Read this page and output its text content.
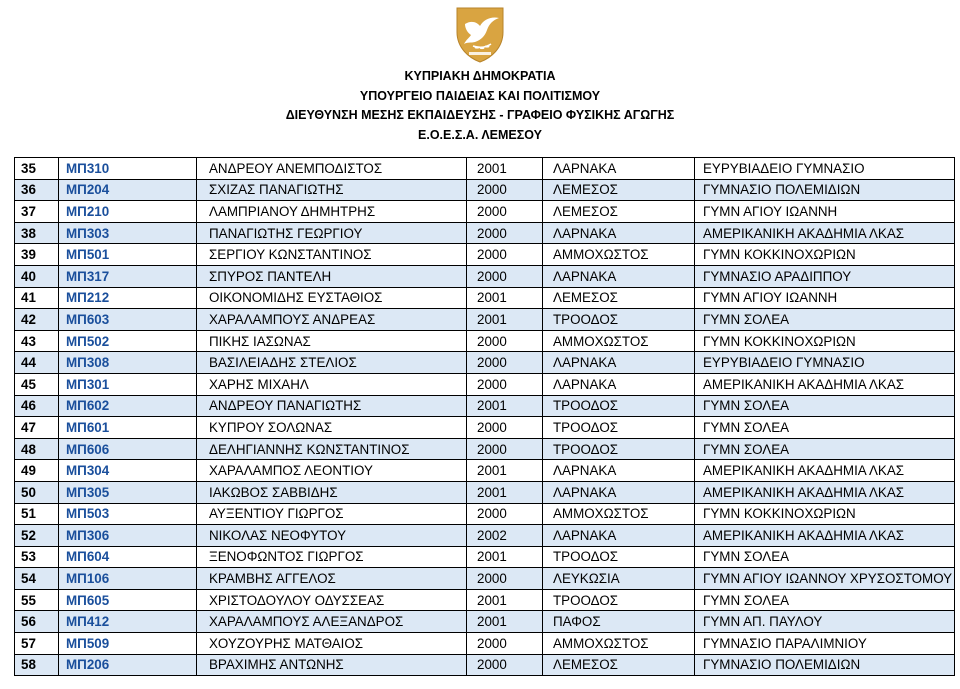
ΚΥΠΡΙΑΚΗ ΔΗΜΟΚΡΑΤΙΑ
ΥΠΟΥΡΓΕΙΟ ΠΑΙΔΕΙΑΣ ΚΑΙ ΠΟΛΙΤΙΣΜΟΥ
ΔΙΕΥΘΥΝΣΗ ΜΕΣΗΣ ΕΚΠΑΙΔΕΥΣΗΣ - ΓΡΑΦΕΙΟ ΦΥΣΙΚΗΣ ΑΓΩΓΗΣ
Ε.Ο.Ε.Σ.Α. ΛΕΜΕΣΟΥ
35	ΜΠ310	ΑΝΔΡΕΟΥ ΑΝΕΜΠΟΔΙΣΤΟΣ	2001	ΛΑΡΝΑΚΑ	ΕΥΡΥΒΙΑΔΕΙΟ ΓΥΜΝΑΣΙΟ
36	ΜΠ204	ΣΧΙΖΑΣ ΠΑΝΑΓΙΩΤΗΣ	2000	ΛΕΜΕΣΟΣ	ΓΥΜΝΑΣΙΟ ΠΟΛΕΜΙΔΙΩΝ
37	ΜΠ210	ΛΑΜΠΡΙΑΝΟΥ ΔΗΜΗΤΡΗΣ	2000	ΛΕΜΕΣΟΣ	ΓΥΜΝ ΑΓΙΟΥ ΙΩΑΝΝΗ
38	ΜΠ303	ΠΑΝΑΓΙΩΤΗΣ ΓΕΩΡΓΙΟΥ	2000	ΛΑΡΝΑΚΑ	ΑΜΕΡΙΚΑΝΙΚΗ ΑΚΑΔΗΜΙΑ ΛΚΑΣ
39	ΜΠ501	ΣΕΡΓΙΟΥ ΚΩΝΣΤΑΝΤΙΝΟΣ	2000	ΑΜΜΟΧΩΣΤΟΣ	ΓΥΜΝ ΚΟΚΚΙΝΟΧΩΡΙΩΝ
40	ΜΠ317	ΣΠΥΡΟΣ ΠΑΝΤΕΛΗ	2000	ΛΑΡΝΑΚΑ	ΓΥΜΝΑΣΙΟ ΑΡΑΔΙΠΠΟΥ
41	ΜΠ212	ΟΙΚΟΝΟΜΙΔΗΣ ΕΥΣΤΑΘΙΟΣ	2001	ΛΕΜΕΣΟΣ	ΓΥΜΝ ΑΓΙΟΥ ΙΩΑΝΝΗ
42	ΜΠ603	ΧΑΡΑΛΑΜΠΟΥΣ ΑΝΔΡΕΑΣ	2001	ΤΡΟΟΔΟΣ	ΓΥΜΝ ΣΟΛΕΑ
43	ΜΠ502	ΠΙΚΗΣ ΙΑΣΩΝΑΣ	2000	ΑΜΜΟΧΩΣΤΟΣ	ΓΥΜΝ ΚΟΚΚΙΝΟΧΩΡΙΩΝ
44	ΜΠ308	ΒΑΣΙΛΕΙΑΔΗΣ ΣΤΕΛΙΟΣ	2000	ΛΑΡΝΑΚΑ	ΕΥΡΥΒΙΑΔΕΙΟ ΓΥΜΝΑΣΙΟ
45	ΜΠ301	ΧΑΡΗΣ ΜΙΧΑΗΛ	2000	ΛΑΡΝΑΚΑ	ΑΜΕΡΙΚΑΝΙΚΗ ΑΚΑΔΗΜΙΑ ΛΚΑΣ
46	ΜΠ602	ΑΝΔΡΕΟΥ ΠΑΝΑΓΙΩΤΗΣ	2001	ΤΡΟΟΔΟΣ	ΓΥΜΝ ΣΟΛΕΑ
47	ΜΠ601	ΚΥΠΡΟΥ ΣΟΛΩΝΑΣ	2000	ΤΡΟΟΔΟΣ	ΓΥΜΝ ΣΟΛΕΑ
48	ΜΠ606	ΔΕΛΗΓΙΑΝΝΗΣ ΚΩΝΣΤΑΝΤΙΝΟΣ	2000	ΤΡΟΟΔΟΣ	ΓΥΜΝ ΣΟΛΕΑ
49	ΜΠ304	ΧΑΡΑΛΑΜΠΟΣ ΛΕΟΝΤΙΟΥ	2001	ΛΑΡΝΑΚΑ	ΑΜΕΡΙΚΑΝΙΚΗ ΑΚΑΔΗΜΙΑ ΛΚΑΣ
50	ΜΠ305	ΙΑΚΩΒΟΣ ΣΑΒΒΙΔΗΣ	2001	ΛΑΡΝΑΚΑ	ΑΜΕΡΙΚΑΝΙΚΗ ΑΚΑΔΗΜΙΑ ΛΚΑΣ
51	ΜΠ503	ΑΥΞΕΝΤΙΟΥ ΓΙΩΡΓΟΣ	2000	ΑΜΜΟΧΩΣΤΟΣ	ΓΥΜΝ ΚΟΚΚΙΝΟΧΩΡΙΩΝ
52	ΜΠ306	ΝΙΚΟΛΑΣ ΝΕΟΦΥΤΟΥ	2002	ΛΑΡΝΑΚΑ	ΑΜΕΡΙΚΑΝΙΚΗ ΑΚΑΔΗΜΙΑ ΛΚΑΣ
53	ΜΠ604	ΞΕΝΟΦΩΝΤΟΣ ΓΙΩΡΓΟΣ	2001	ΤΡΟΟΔΟΣ	ΓΥΜΝ ΣΟΛΕΑ
54	ΜΠ106	ΚΡΑΜΒΗΣ ΑΓΓΕΛΟΣ	2000	ΛΕΥΚΩΣΙΑ	ΓΥΜΝ ΑΓΙΟΥ ΙΩΑΝΝΟΥ ΧΡΥΣΟΣΤΟΜΟΥ
55	ΜΠ605	ΧΡΙΣΤΟΔΟΥΛΟΥ ΟΔΥΣΣΕΑΣ	2001	ΤΡΟΟΔΟΣ	ΓΥΜΝ ΣΟΛΕΑ
56	ΜΠ412	ΧΑΡΑΛΑΜΠΟΥΣ ΑΛΕΞΑΝΔΡΟΣ	2001	ΠΑΦΟΣ	ΓΥΜΝ ΑΠ. ΠΑΥΛΟΥ
57	ΜΠ509	ΧΟΥΖΟΥΡΗΣ ΜΑΤΘΑΙΟΣ	2000	ΑΜΜΟΧΩΣΤΟΣ	ΓΥΜΝΑΣΙΟ ΠΑΡΑΛΙΜΝΙΟΥ
58	ΜΠ206	ΒΡΑΧΙΜΗΣ ΑΝΤΩΝΗΣ	2000	ΛΕΜΕΣΟΣ	ΓΥΜΝΑΣΙΟ ΠΟΛΕΜΙΔΙΩΝ
